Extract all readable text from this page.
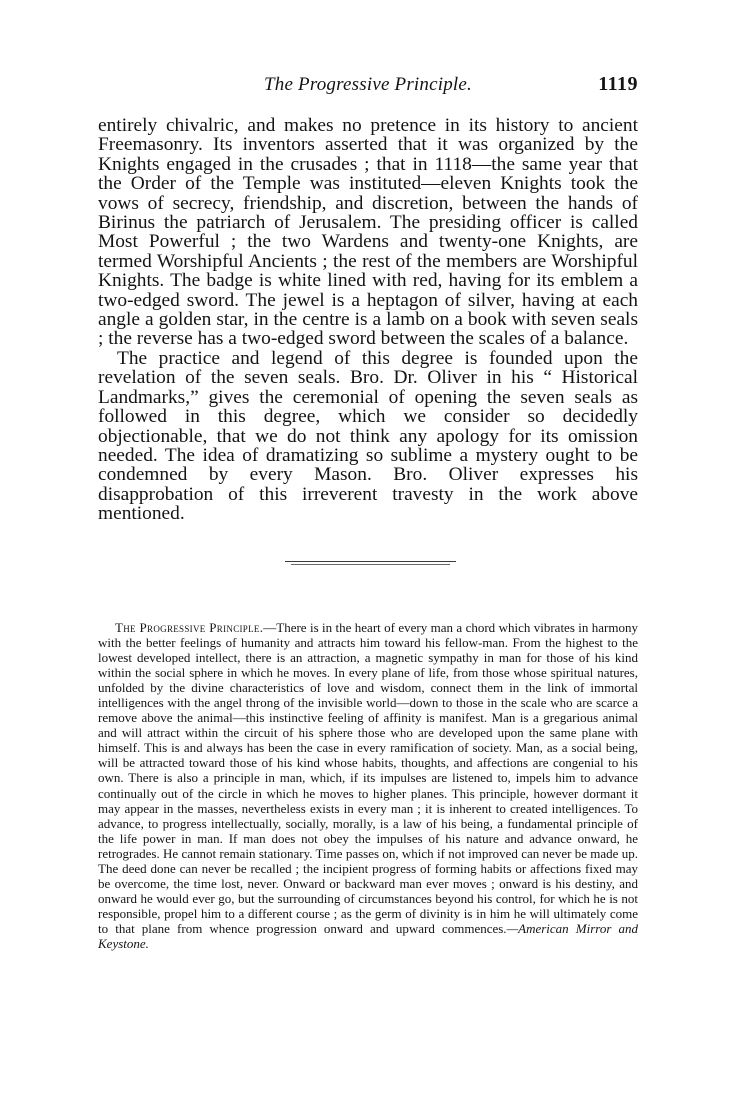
The Progressive Principle.	1119

entirely chivalric, and makes no pretence in its history to ancient Freemasonry. Its inventors asserted that it was organized by the Knights engaged in the crusades ; that in 1118—the same year that the Order of the Temple was instituted—eleven Knights took the vows of secrecy, friendship, and discretion, between the hands of Birinus the patriarch of Jerusalem. The presiding officer is called Most Powerful ; the two Wardens and twenty-one Knights, are termed Worshipful Ancients ; the rest of the members are Worshipful Knights. The badge is white lined with red, having for its emblem a two-edged sword. The jewel is a heptagon of silver, having at each angle a golden star, in the centre is a lamb on a book with seven seals ; the reverse has a two-edged sword between the scales of a balance.

The practice and legend of this degree is founded upon the revelation of the seven seals. Bro. Dr. Oliver in his “ Historical Landmarks,” gives the ceremonial of opening the seven seals as followed in this degree, which we consider so decidedly objectionable, that we do not think any apology for its omission needed. The idea of dramatizing so sublime a mystery ought to be condemned by every Mason. Bro. Oliver expresses his disapprobation of this irreverent travesty in the work above mentioned.

The Progressive Principle.—There is in the heart of every man a chord which vibrates in harmony with the better feelings of humanity and attracts him toward his fellow-man. From the highest to the lowest developed intellect, there is an attraction, a magnetic sympathy in man for those of his kind within the social sphere in which he moves. In every plane of life, from those whose spiritual natures, unfolded by the divine characteristics of love and wisdom, connect them in the link of immortal intelligences with the angel throng of the invisible world—down to those in the scale who are scarce a remove above the animal—this instinctive feeling of affinity is manifest. Man is a gregarious animal and will attract within the circuit of his sphere those who are developed upon the same plane with himself. This is and always has been the case in every ramification of society. Man, as a social being, will be attracted toward those of his kind whose habits, thoughts, and affections are congenial to his own. There is also a principle in man, which, if its impulses are listened to, impels him to advance continually out of the circle in which he moves to higher planes. This principle, however dormant it may appear in the masses, nevertheless exists in every man ; it is inherent to created intelligences. To advance, to progress intellectually, socially, morally, is a law of his being, a fundamental principle of the life power in man. If man does not obey the impulses of his nature and advance onward, he retrogrades. He cannot remain stationary. Time passes on, which if not improved can never be made up. The deed done can never be recalled ; the incipient progress of forming habits or affections fixed may be overcome, the time lost, never. Onward or backward man ever moves ; onward is his destiny, and onward he would ever go, but the surrounding of circumstances beyond his control, for which he is not responsible, propel him to a different course ; as the germ of divinity is in him he will ultimately come to that plane from whence progression onward and upward commences.—American Mirror and Keystone.
